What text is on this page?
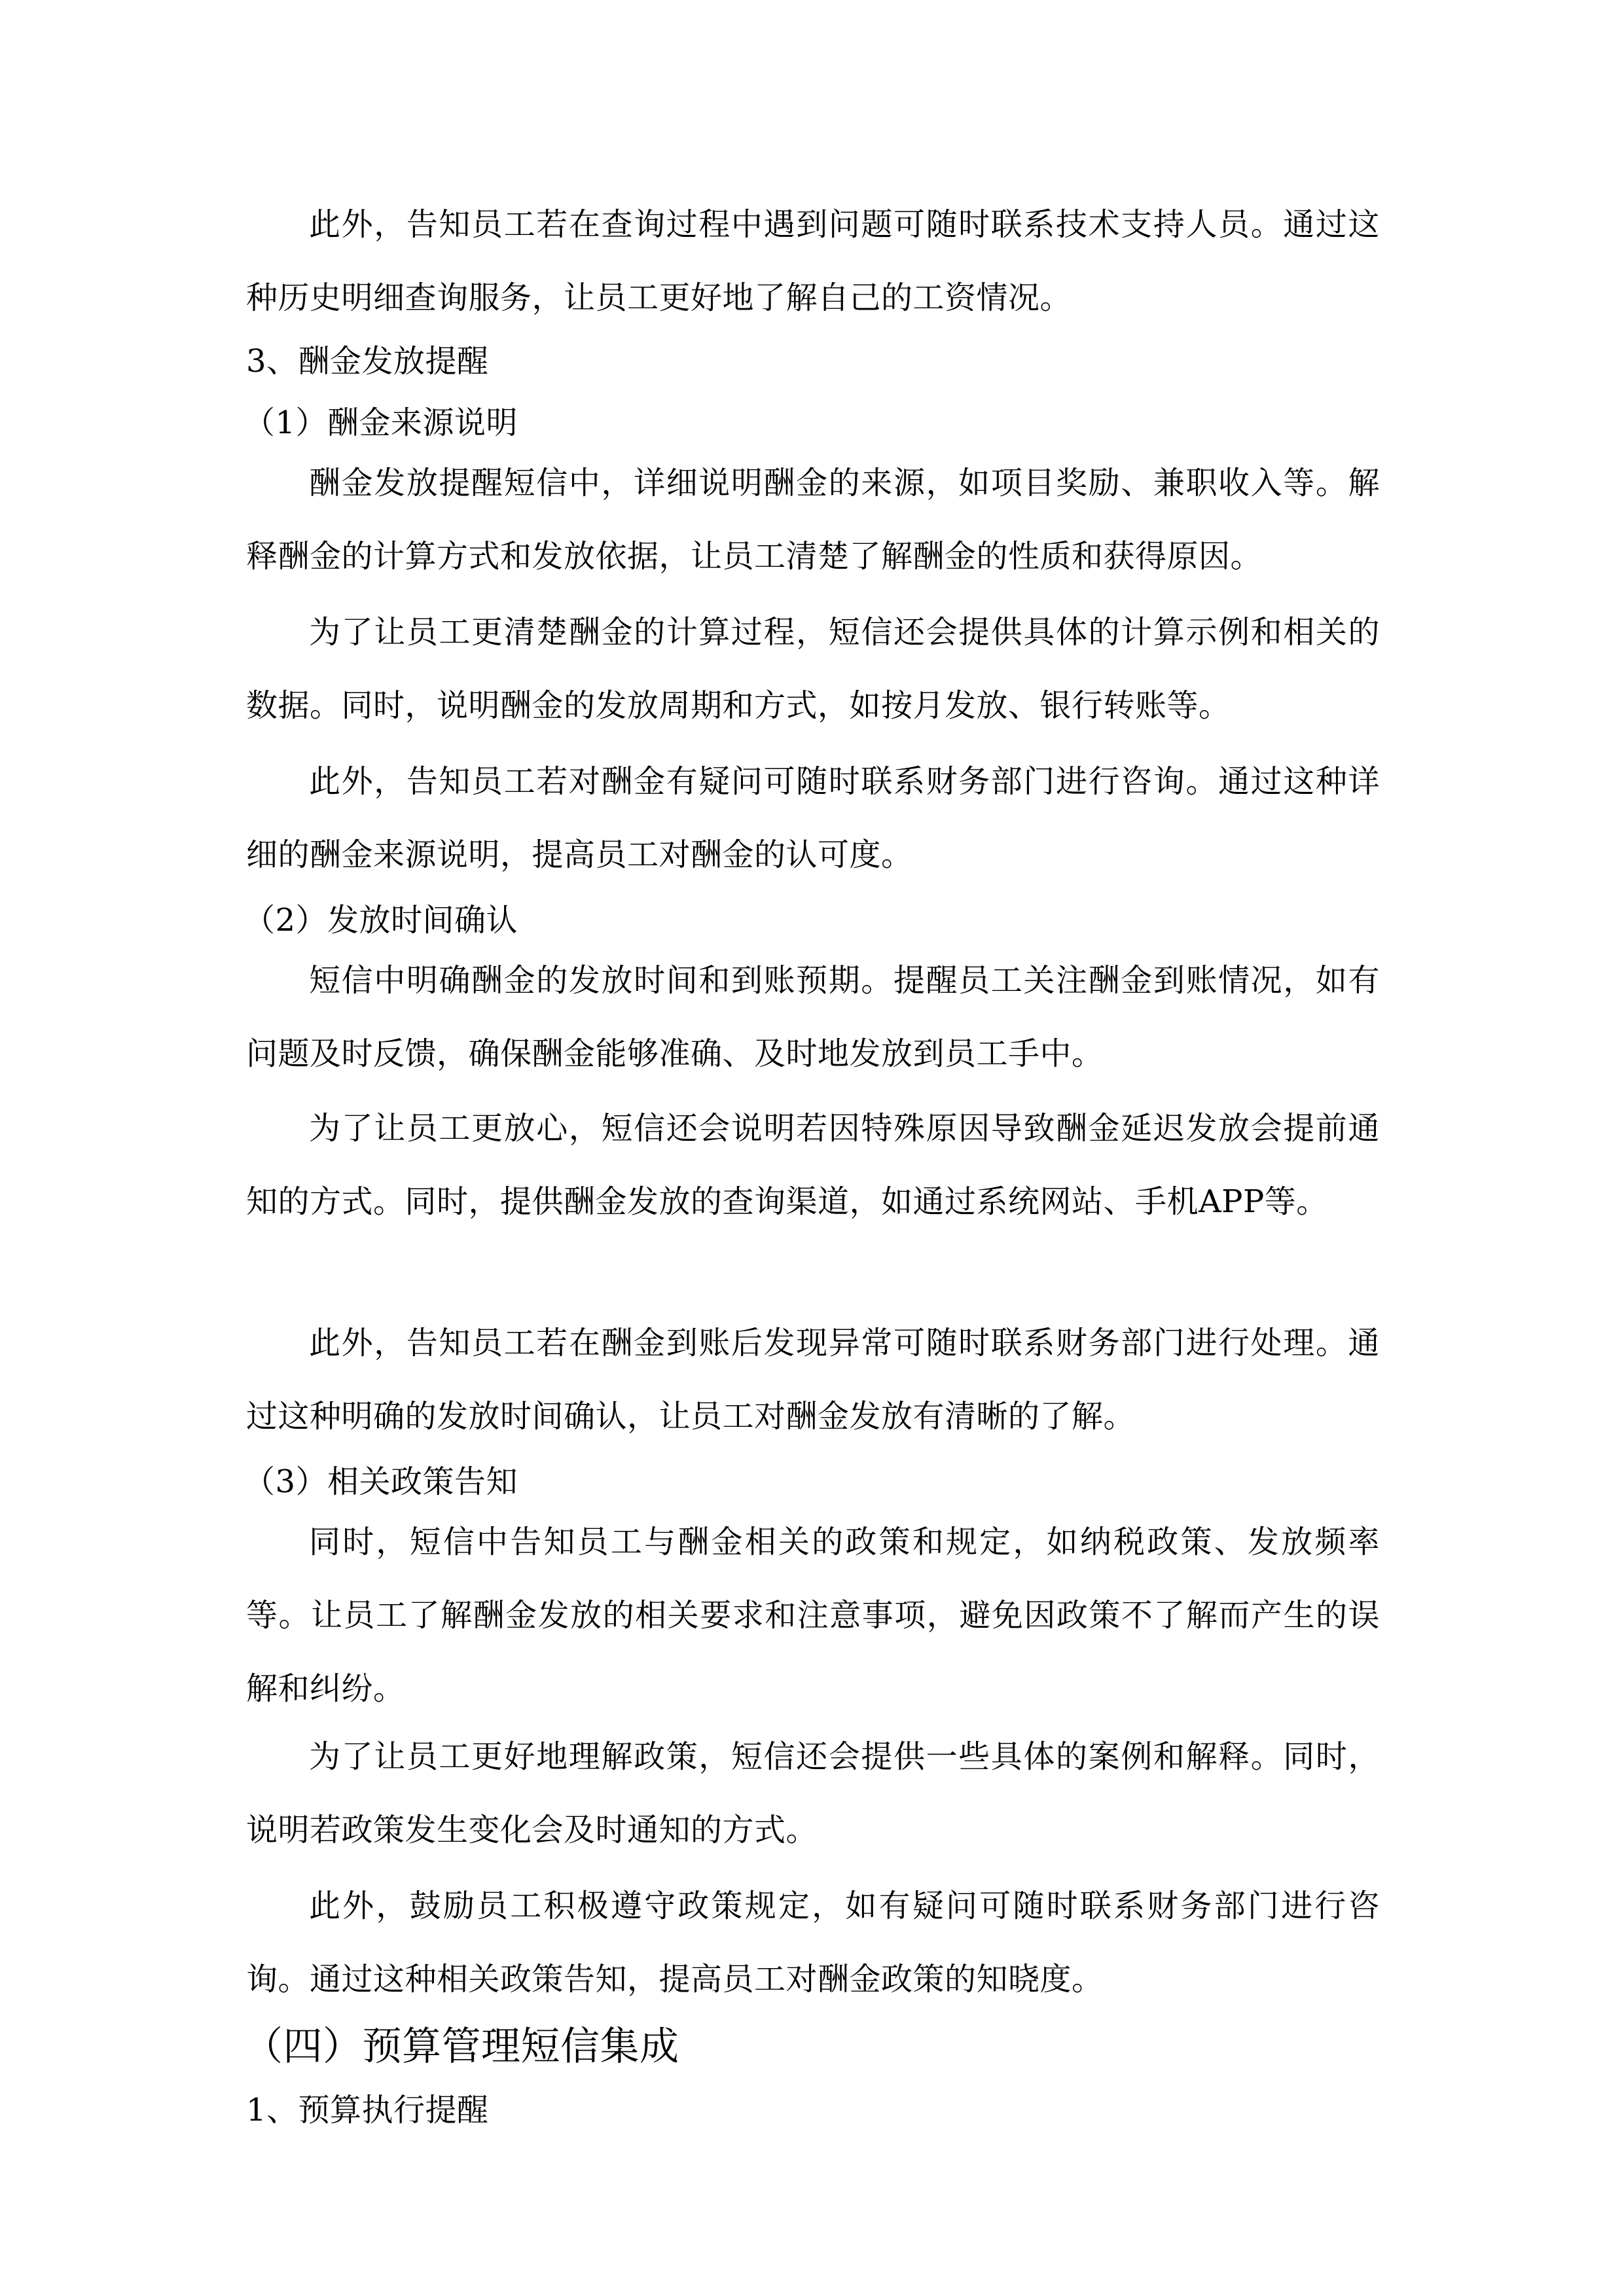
此外，告知员工若在查询过程中遇到问题可随时联系技术支持人员。通过这种历史明细查询服务，让员工更好地了解自己的工资情况。

3、酬金发放提醒

（1）酬金来源说明

酬金发放提醒短信中，详细说明酬金的来源，如项目奖励、兼职收入等。解释酬金的计算方式和发放依据，让员工清楚了解酬金的性质和获得原因。

为了让员工更清楚酬金的计算过程，短信还会提供具体的计算示例和相关的数据。同时，说明酬金的发放周期和方式，如按月发放、银行转账等。

此外，告知员工若对酬金有疑问可随时联系财务部门进行咨询。通过这种详细的酬金来源说明，提高员工对酬金的认可度。

（2）发放时间确认

短信中明确酬金的发放时间和到账预期。提醒员工关注酬金到账情况，如有问题及时反馈，确保酬金能够准确、及时地发放到员工手中。

为了让员工更放心，短信还会说明若因特殊原因导致酬金延迟发放会提前通知的方式。同时，提供酬金发放的查询渠道，如通过系统网站、手机APP等。

此外，告知员工若在酬金到账后发现异常可随时联系财务部门进行处理。通过这种明确的发放时间确认，让员工对酬金发放有清晰的了解。

（3）相关政策告知

同时，短信中告知员工与酬金相关的政策和规定，如纳税政策、发放频率等。让员工了解酬金发放的相关要求和注意事项，避免因政策不了解而产生的误解和纠纷。

为了让员工更好地理解政策，短信还会提供一些具体的案例和解释。同时，说明若政策发生变化会及时通知的方式。

此外，鼓励员工积极遵守政策规定，如有疑问可随时联系财务部门进行咨询。通过这种相关政策告知，提高员工对酬金政策的知晓度。

（四）预算管理短信集成

1、预算执行提醒
